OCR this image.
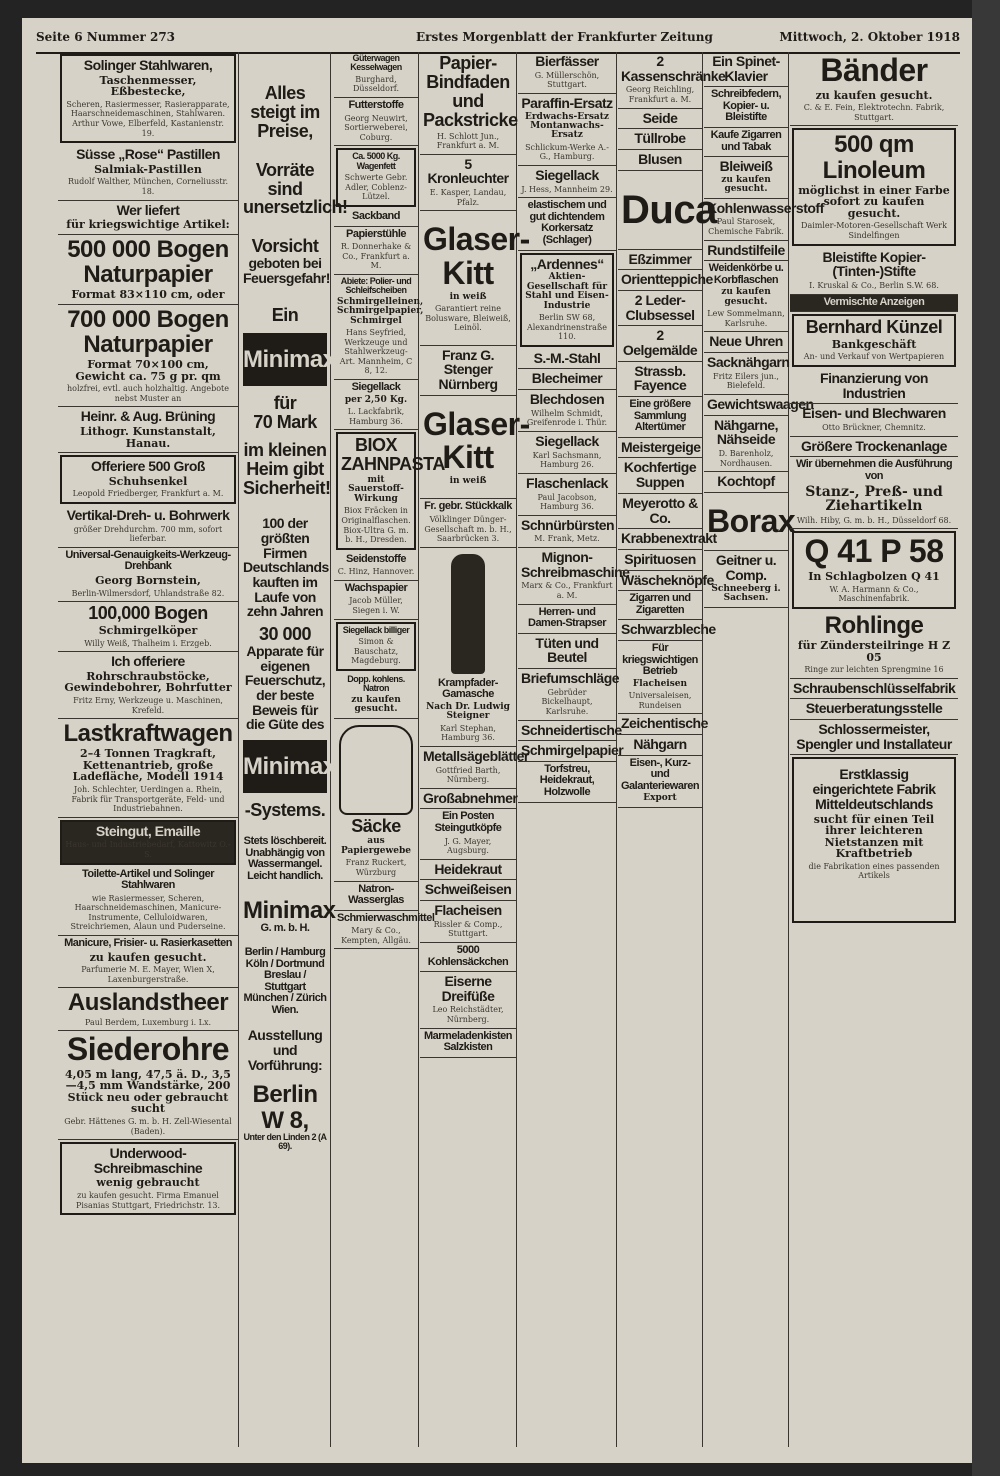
Seite 6 Nummer 273	Erstes Morgenblatt der Frankfurter Zeitung	Mittwoch, 2. Oktober 1918
Solinger Stahlwaren,
Taschenmesser, Eßbestecke,
Scheren, Rasiermesser, Rasierapparate, Haarschneidemaschinen, Stahlwaren. Arthur Vowe, Elberfeld, Kastanienstr. 19.
Süsse „Rose“ Pastillen
Salmiak-Pastillen
Rudolf Walther, München, Corneliusstr. 18.
Wer liefert
für kriegswichtige Artikel:
500 000 Bogen Naturpapier
Format 83×110 cm, oder
700 000 Bogen Naturpapier
Format 70×100 cm, Gewicht ca. 75 g pr. qm
holzfrei, evtl. auch holzhaltig. Angebote nebst Muster an
Heinr. & Aug. Brüning
Lithogr. Kunstanstalt, Hanau.
Offeriere 500 Groß
Schuhsenkel
Leopold Friedberger, Frankfurt a. M.
Vertikal-Dreh- u. Bohrwerk
größer Drehdurchm. 700 mm, sofort lieferbar.
Universal-Genauigkeits-Werkzeug-Drehbank
Georg Bornstein,
Berlin-Wilmersdorf, Uhlandstraße 82.
100,000 Bogen
Schmirgelköper
Willy Weiß, Thalheim i. Erzgeb.
Ich offeriere
Rohrschraubstöcke, Gewindebohrer, Bohrfutter
Fritz Erny, Werkzeuge u. Maschinen, Krefeld.
Lastkraftwagen
2–4 Tonnen Tragkraft, Kettenantrieb, große Ladefläche, Modell 1914
Joh. Schlechter, Uerdingen a. Rhein, Fabrik für Transportgeräte, Feld- und Industriebahnen.
Steingut, Emaille
Haus- und Industriebedarf, Kattowitz O.-S.
Toilette-Artikel und Solinger Stahlwaren
wie Rasiermesser, Scheren, Haarschneidemaschinen, Manicure-Instrumente, Celluloidwaren, Streichriemen, Alaun und Puderseine.
Manicure, Frisier- u. Rasierkasetten
zu kaufen gesucht.
Parfumerie M. E. Mayer, Wien X, Laxenburgerstraße.
Auslandstheer
Paul Berdem, Luxemburg i. Lx.
Siederohre
4,05 m lang, 47,5 ä. D., 3,5—4,5 mm Wandstärke, 200 Stück neu oder gebraucht sucht
Gebr. Hättenes G. m. b. H. Zell-Wiesental (Baden).
Underwood-Schreibmaschine
wenig gebraucht
zu kaufen gesucht. Firma Emanuel Pisanias Stuttgart, Friedrichstr. 13.
Alles steigt im Preise,
Vorräte sind unersetzlich!
Vorsicht
geboten bei Feuersgefahr!
Ein
Minimax
für
70 Mark
im kleinen Heim gibt Sicherheit!
100 der größten Firmen Deutschlands kauften im Laufe von zehn Jahren
30 000
Apparate für eigenen Feuerschutz, der beste Beweis für die Güte des
Minimax
-Systems.
Stets löschbereit. Unabhängig von Wassermangel. Leicht handlich.
Minimax
G. m. b. H.
Berlin / Hamburg Köln / Dortmund Breslau / Stuttgart München / Zürich Wien.
Ausstellung und Vorführung:
Berlin W 8,
Unter den Linden 2 (A 69).
Güterwagen Kesselwagen
Burghard, Düsseldorf.
Futterstoffe
Georg Neuwirt, Sortierweberei, Coburg.
Ca. 5000 Kg. Wagenfett
Schwerte Gebr. Adler, Coblenz-Lützel.
Sackband
Papierstühle
R. Donnerhake & Co., Frankfurt a. M.
Abiete: Polier- und Schleifscheiben
Schmirgelleinen, Schmirgelpapier, Schmirgel
Hans Seyfried, Werkzeuge und Stahlwerkzeug-Art. Mannheim, C 8, 12.
Siegellack
per 2,50 Kg.
L. Lackfabrik, Hamburg 36.
BIOX ZAHNPASTA
mit Sauerstoff-Wirkung
Biox Fräcken in Originalflaschen. Biox-Ultra G. m. b. H., Dresden.
Seidenstoffe
C. Hinz, Hannover.
Wachspapier
Jacob Müller, Siegen i. W.
Siegellack billiger
Simon & Bauschatz, Magdeburg.
Dopp. kohlens. Natron
zu kaufen gesucht.
Säcke
aus Papiergewebe
Franz Ruckert, Würzburg
Natron-Wasserglas
Schmierwaschmittel
Mary & Co., Kempten, Allgäu.
Papier-Bindfaden und Packstricke
H. Schlott Jun., Frankfurt a. M.
5 Kronleuchter
E. Kasper, Landau, Pfalz.
Glaser-Kitt
in weiß
Garantiert reine Bolusware, Bleiweiß, Leinöl.
Franz G. Stenger Nürnberg
Glaser-Kitt
in weiß
Fr. gebr. Stückkalk
Völklinger Dünger-Gesellschaft m. b. H., Saarbrücken 3.
Krampfader-Gamasche
Nach Dr. Ludwig Steigner
Karl Stephan, Hamburg 36.
Metallsägeblätter
Gottfried Barth, Nürnberg.
Großabnehmer
Ein Posten Steingutköpfe
J. G. Mayer, Augsburg.
Heidekraut
Schweißeisen
Flacheisen
Rissler & Comp., Stuttgart.
5000 Kohlensäckchen
Eiserne Dreifüße
Leo Reichstädter, Nürnberg.
Marmeladenkisten Salzkisten
Bierfässer
G. Müllerschön, Stuttgart.
Paraffin-Ersatz
Erdwachs-Ersatz Montanwachs-Ersatz
Schlickum-Werke A.-G., Hamburg.
Siegellack
J. Hess, Mannheim 29.
elastischem und gut dichtendem Korkersatz (Schlager)
„Ardennes“
Aktien-Gesellschaft für Stahl und Eisen-Industrie
Berlin SW 68, Alexandrinenstraße 110.
S.-M.-Stahl
Blecheimer
Blechdosen
Wilhelm Schmidt, Greifenrode i. Thür.
Siegellack
Karl Sachsmann, Hamburg 26.
Flaschenlack
Paul Jacobson, Hamburg 36.
Schnürbürsten
M. Frank, Metz.
Mignon-Schreibmaschine
Marx & Co., Frankfurt a. M.
Herren- und Damen-Strapser
Tüten und Beutel
Briefumschläge
Gebrüder Bickelhaupt, Karlsruhe.
Schneidertische
Schmirgelpapier
Torfstreu, Heidekraut, Holzwolle
2 Kassenschränke
Georg Reichling, Frankfurt a. M.
Seide
Tüllrobe
Blusen
Duca
Eßzimmer
Orientteppiche
2 Leder-Clubsessel
2 Oelgemälde
Strassb. Fayence
Eine größere Sammlung Altertümer
Meistergeige
Kochfertige Suppen
Meyerotto & Co.
Krabbenextrakt
Spirituosen
Wäscheknöpfe
Zigarren und Zigaretten
Schwarzbleche
Für kriegswichtigen Betrieb
Flacheisen
Universaleisen, Rundeisen
Zeichentische
Nähgarn
Eisen-, Kurz- und Galanteriewaren
Export
Ein Spinet-Klavier
Schreibfedern, Kopier- u. Bleistifte
Kaufe Zigarren und Tabak
Bleiweiß
zu kaufen gesucht.
Kohlenwasserstoff
Paul Starosek, Chemische Fabrik.
Rundstilfeile
Weidenkörbe u. Korbflaschen
zu kaufen gesucht.
Lew Sommelmann, Karlsruhe.
Neue Uhren
Sacknähgarn
Fritz Eilers jun., Bielefeld.
Gewichtswaagen
Nähgarne, Nähseide
D. Barenholz, Nordhausen.
Kochtopf
Borax
Geitner u. Comp.
Schneeberg i. Sachsen.
Bänder
zu kaufen gesucht.
C. & E. Fein, Elektrotechn. Fabrik, Stuttgart.
500 qm Linoleum
möglichst in einer Farbe sofort zu kaufen gesucht.
Daimler-Motoren-Gesellschaft Werk Sindelfingen
Bleistifte Kopier-(Tinten-)Stifte
I. Kruskal & Co., Berlin S.W. 68.
Vermischte Anzeigen
Bernhard Künzel
Bankgeschäft
An- und Verkauf von Wertpapieren
Finanzierung von Industrien
Eisen- und Blechwaren
Otto Brückner, Chemnitz.
Größere Trockenanlage
Wir übernehmen die Ausführung von
Stanz-, Preß- und Ziehartikeln
Wilh. Hiby, G. m. b. H., Düsseldorf 68.
Q 41 P 58
In Schlagbolzen Q 41
W. A. Harmann & Co., Maschinenfabrik.
Rohlinge
für Zündersteilringe H Z 05
Ringe zur leichten Sprengmine 16
Schraubenschlüsselfabrik
Steuerberatungsstelle
Schlossermeister, Spengler und Installateur
Erstklassig eingerichtete Fabrik Mitteldeutschlands
sucht für einen Teil ihrer leichteren Nietstanzen mit Kraftbetrieb
die Fabrikation eines passenden Artikels
